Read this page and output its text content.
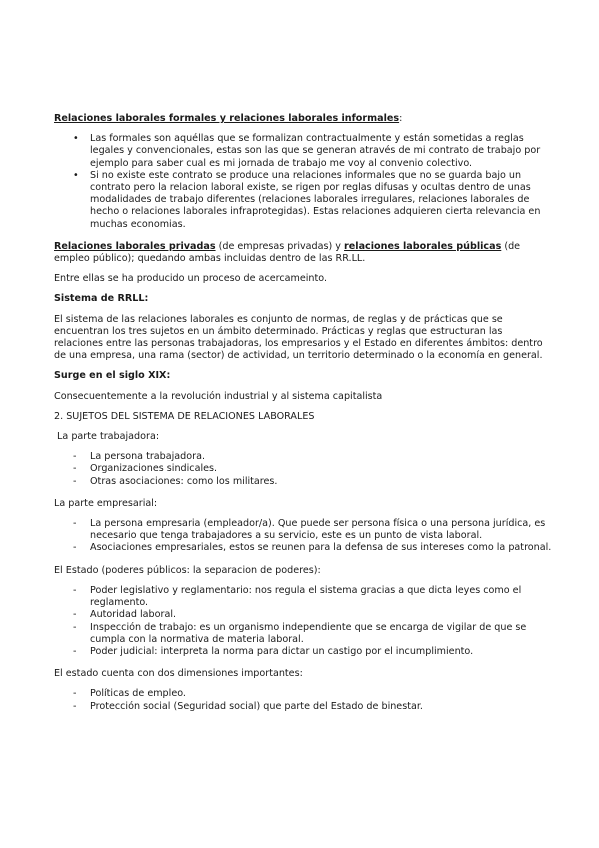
Relaciones laborales formales y relaciones laborales informales:

•	Las formales son aquéllas que se formalizan contractualmente y están sometidas a reglas legales y convencionales, estas son las que se generan através de mi contrato de trabajo por ejemplo para saber cual es mi jornada de trabajo me voy al convenio colectivo.
•	Si no existe este contrato se produce una relaciones informales que no se guarda bajo un contrato pero la relacion laboral existe, se rigen por reglas difusas y ocultas dentro de unas modalidades de trabajo diferentes (relaciones laborales irregulares, relaciones laborales de hecho o relaciones laborales infraprotegidas). Estas relaciones adquieren cierta relevancia en muchas economias.

Relaciones laborales privadas (de empresas privadas) y relaciones laborales públicas (de empleo público); quedando ambas incluidas dentro de las RR.LL.

Entre ellas se ha producido un proceso de acercameinto.

Sistema de RRLL:

El sistema de las relaciones laborales es conjunto de normas, de reglas y de prácticas que se encuentran los tres sujetos en un ámbito determinado. Prácticas y reglas que estructuran las relaciones entre las personas trabajadoras, los empresarios y el Estado en diferentes ámbitos: dentro de una empresa, una rama (sector) de actividad, un territorio determinado o la economía en general.

Surge en el siglo XIX:

Consecuentemente a la revolución industrial y al sistema capitalista

2. SUJETOS DEL SISTEMA DE RELACIONES LABORALES

La parte trabajadora:

-	La persona trabajadora.
-	Organizaciones sindicales.
-	Otras asociaciones: como los militares.

La parte empresarial:

-	La persona empresaria (empleador/a). Que puede ser persona física o una persona jurídica, es necesario que tenga trabajadores a su servicio, este es un punto de vista laboral.
-	Asociaciones empresariales, estos se reunen para la defensa de sus intereses como la patronal.

El Estado (poderes públicos: la separacion de poderes):

-	Poder legislativo y reglamentario: nos regula el sistema gracias a que dicta leyes como el reglamento.
-	Autoridad laboral.
-	Inspección de trabajo: es un organismo independiente que se encarga de vigilar de que se cumpla con la normativa de materia laboral.
-	Poder judicial: interpreta la norma para dictar un castigo por el incumplimiento.

El estado cuenta con dos dimensiones importantes:

-	Políticas de empleo.
-	Protección social (Seguridad social) que parte del Estado de binestar.
